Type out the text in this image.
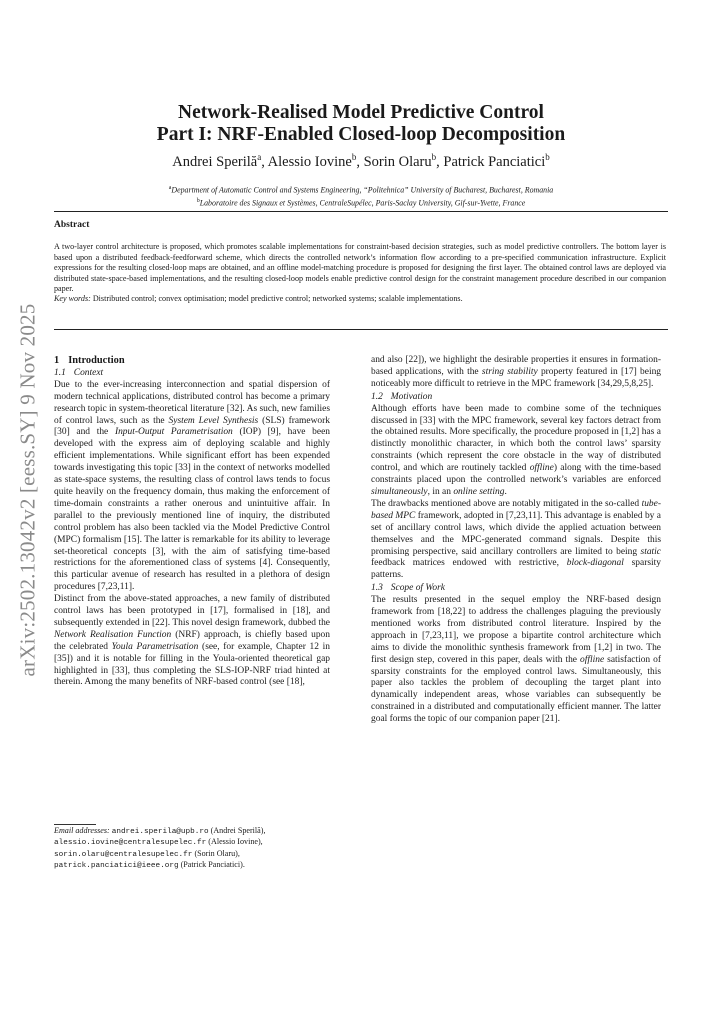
arXiv:2502.13042v2 [eess.SY] 9 Nov 2025
Network-Realised Model Predictive Control
Part I: NRF-Enabled Closed-loop Decomposition
Andrei Sperilă$^a$, Alessio Iovine$^b$, Sorin Olaru$^b$, Patrick Panciatici$^b$
$^a$Department of Automatic Control and Systems Engineering, “Politehnica” University of Bucharest, Bucharest, Romania
$^b$Laboratoire des Signaux et Systèmes, CentraleSupélec, Paris-Saclay University, Gif-sur-Yvette, France
Abstract

A two-layer control architecture is proposed, which promotes scalable implementations for constraint-based decision strategies, such as model predictive controllers. The bottom layer is based upon a distributed feedback-feedforward scheme, which directs the controlled network’s information flow according to a pre-specified communication infrastructure. Explicit expressions for the resulting closed-loop maps are obtained, and an offline model-matching procedure is proposed for designing the first layer. The obtained control laws are deployed via distributed state-space-based implementations, and the resulting closed-loop models enable predictive control design for the constraint management procedure described in our companion paper.

Key words: Distributed control; convex optimisation; model predictive control; networked systems; scalable implementations.

1 Introduction
1.1 Context

Due to the ever-increasing interconnection and spatial dispersion of modern technical applications, distributed control has become a primary research topic in system-theoretical literature [32]. As such, new families of control laws, such as the System Level Synthesis (SLS) framework [30] and the Input-Output Parametrisation (IOP) [9], have been developed with the express aim of deploying scalable and highly efficient implementations. While significant effort has been expended towards investigating this topic [33] in the context of networks modelled as state-space systems, the resulting class of control laws tends to focus quite heavily on the frequency domain, thus making the enforcement of time-domain constraints a rather onerous and unintuitive affair. In parallel to the previously mentioned line of inquiry, the distributed control problem has also been tackled via the Model Predictive Control (MPC) formalism [15]. The latter is remarkable for its ability to leverage set-theoretical concepts [3], with the aim of satisfying time-based restrictions for the aforementioned class of systems [4]. Consequently, this particular avenue of research has resulted in a plethora of design procedures [7,23,11].

Distinct from the above-stated approaches, a new family of distributed control laws has been prototyped in [17], formalised in [18], and subsequently extended in [22]. This novel design framework, dubbed the Network Realisation Function (NRF) approach, is chiefly based upon the celebrated Youla Parametrisation (see, for example, Chapter 12 in [35]) and it is notable for filling in the Youla-oriented theoretical gap highlighted in [33], thus completing the SLS-IOP-NRF triad hinted at therein. Among the many benefits of NRF-based control (see [18],

Email addresses: andrei.sperila@upb.ro (Andrei Sperilă), alessio.iovine@centralesupelec.fr (Alessio Iovine), sorin.olaru@centralesupelec.fr (Sorin Olaru), patrick.panciatici@ieee.org (Patrick Panciatici).

and also [22]), we highlight the desirable properties it ensures in formation-based applications, with the string stability property featured in [17] being noticeably more difficult to retrieve in the MPC framework [34,29,5,8,25].

1.2 Motivation

Although efforts have been made to combine some of the techniques discussed in [33] with the MPC framework, several key factors detract from the obtained results. More specifically, the procedure proposed in [1,2] has a distinctly monolithic character, in which both the control laws’ sparsity constraints (which represent the core obstacle in the way of distributed control, and which are routinely tackled offline) along with the time-based constraints placed upon the controlled network’s variables are enforced simultaneously, in an online setting.

The drawbacks mentioned above are notably mitigated in the so-called tube-based MPC framework, adopted in [7,23,11]. This advantage is enabled by a set of ancillary control laws, which divide the applied actuation between themselves and the MPC-generated command signals. Despite this promising perspective, said ancillary controllers are limited to being static feedback matrices endowed with restrictive, block-diagonal sparsity patterns.

1.3 Scope of Work

The results presented in the sequel employ the NRF-based design framework from [18,22] to address the challenges plaguing the previously mentioned works from distributed control literature. Inspired by the approach in [7,23,11], we propose a bipartite control architecture which aims to divide the monolithic synthesis framework from [1,2] in two. The first design step, covered in this paper, deals with the offline satisfaction of sparsity constraints for the employed control laws. Simultaneously, this paper also tackles the problem of decoupling the target plant into dynamically independent areas, whose variables can subsequently be constrained in a distributed and computationally efficient manner. The latter goal forms the topic of our companion paper [21].
